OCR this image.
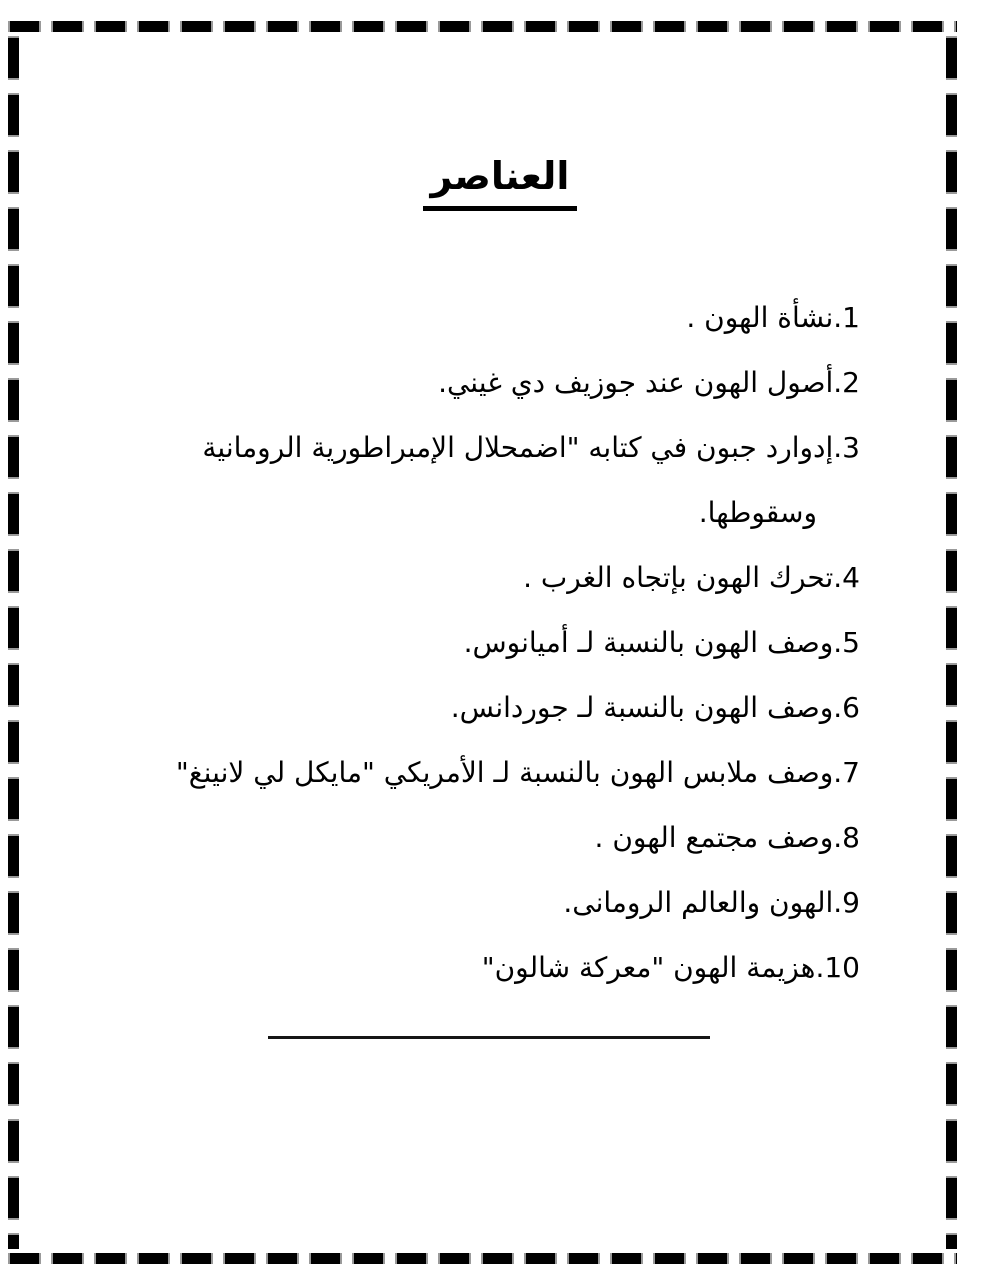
العناصر
1.نشأة الهون .
2.أصول الهون عند جوزيف دي غيني.
3.إدوارد جبون في كتابه "اضمحلال الإمبراطورية الرومانية وسقوطها.
4.تحرك الهون بإتجاه الغرب .
5.وصف الهون بالنسبة لـ أميانوس.
6.وصف الهون بالنسبة لـ جوردانس.
7.وصف ملابس الهون بالنسبة لـ الأمريكي "مايكل لي لانينغ"
8.وصف مجتمع الهون .
9.الهون والعالم الرومانى.
10.هزيمة الهون "معركة شالون"
